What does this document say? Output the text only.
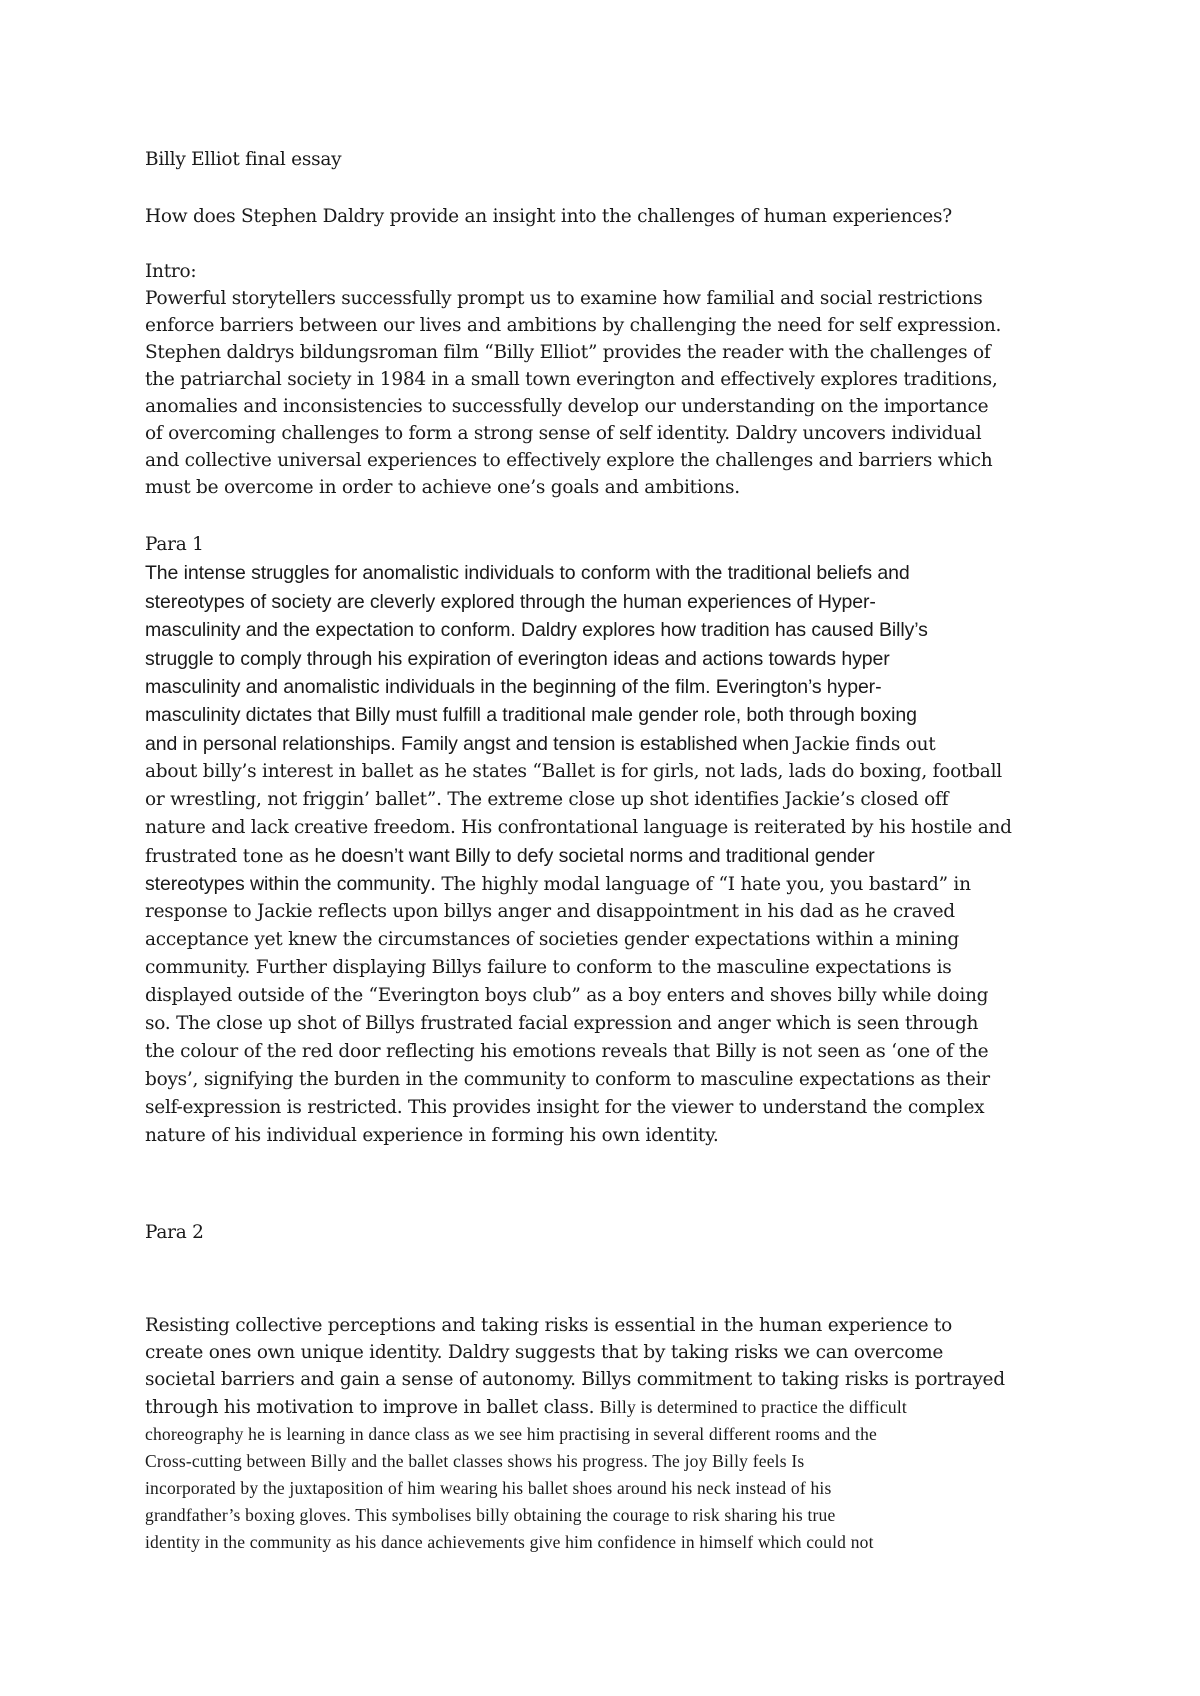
Billy Elliot final essay
How does Stephen Daldry provide an insight into the challenges of human experiences?
Intro:
Powerful storytellers successfully prompt us to examine how familial and social restrictions
enforce barriers between our lives and ambitions by challenging the need for self expression.
Stephen daldrys bildungsroman film “Billy Elliot” provides the reader with the challenges of
the patriarchal society in 1984 in a small town everington and effectively explores traditions,
anomalies and inconsistencies to successfully develop our understanding on the importance
of overcoming challenges to form a strong sense of self identity. Daldry uncovers individual
and collective universal experiences to effectively explore the challenges and barriers which
must be overcome in order to achieve one’s goals and ambitions.
Para 1
The intense struggles for anomalistic individuals to conform with the traditional beliefs and
stereotypes of society are cleverly explored through the human experiences of Hyper-
masculinity and the expectation to conform. Daldry explores how tradition has caused Billy’s
struggle to comply through his expiration of everington ideas and actions towards hyper
masculinity and anomalistic individuals in the beginning of the film. Everington’s hyper-
masculinity dictates that Billy must fulfill a traditional male gender role, both through boxing
and in personal relationships. Family angst and tension is established when Jackie finds out
about billy’s interest in ballet as he states “Ballet is for girls, not lads, lads do boxing, football
or wrestling, not friggin’ ballet”. The extreme close up shot identifies Jackie’s closed off
nature and lack creative freedom. His confrontational language is reiterated by his hostile and
frustrated tone as he doesn’t want Billy to defy societal norms and traditional gender
stereotypes within the community. The highly modal language of “I hate you, you bastard” in
response to Jackie reflects upon billys anger and disappointment in his dad as he craved
acceptance yet knew the circumstances of societies gender expectations within a mining
community. Further displaying Billys failure to conform to the masculine expectations is
displayed outside of the “Everington boys club” as a boy enters and shoves billy while doing
so. The close up shot of Billys frustrated facial expression and anger which is seen through
the colour of the red door reflecting his emotions reveals that Billy is not seen as ‘one of the
boys’, signifying the burden in the community to conform to masculine expectations as their
self-expression is restricted. This provides insight for the viewer to understand the complex
nature of his individual experience in forming his own identity.
Para 2
Resisting collective perceptions and taking risks is essential in the human experience to
create ones own unique identity. Daldry suggests that by taking risks we can overcome
societal barriers and gain a sense of autonomy. Billys commitment to taking risks is portrayed
through his motivation to improve in ballet class. Billy is determined to practice the difficult
choreography he is learning in dance class as we see him practising in several different rooms and the
Cross-cutting between Billy and the ballet classes shows his progress. The joy Billy feels Is
incorporated by the juxtaposition of him wearing his ballet shoes around his neck instead of his
grandfather’s boxing gloves. This symbolises billy obtaining the courage to risk sharing his true
identity in the community as his dance achievements give him confidence in himself which could not
